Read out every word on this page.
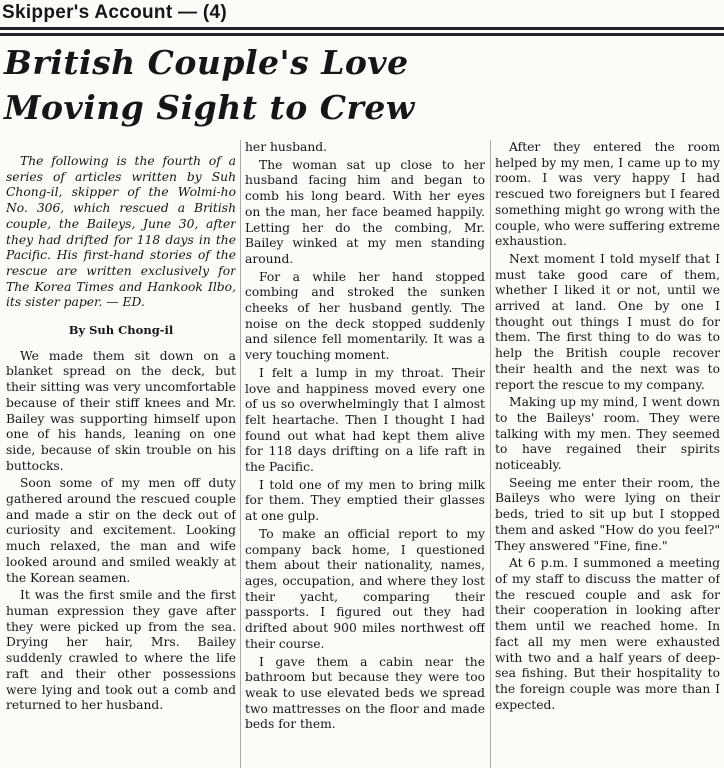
Skipper's Account — (4)
British Couple's Love Moving Sight to Crew

The following is the fourth of a series of articles written by Suh Chong-il, skipper of the Wolmi-ho No. 306, which rescued a British couple, the Baileys, June 30, after they had drifted for 118 days in the Pacific. His first-hand stories of the rescue are written exclusively for The Korea Times and Hankook Ilbo, its sister paper. — ED.

By Suh Chong-il

We made them sit down on a blanket spread on the deck, but their sitting was very uncomfortable because of their stiff knees and Mr. Bailey was supporting himself upon one of his hands, leaning on one side, because of skin trouble on his buttocks.

Soon some of my men off duty gathered around the rescued couple and made a stir on the deck out of curiosity and excitement. Looking much relaxed, the man and wife looked around and smiled weakly at the Korean seamen.

It was the first smile and the first human expression they gave after they were picked up from the sea. Drying her hair, Mrs. Bailey suddenly crawled to where the life raft and their other possessions were lying and took out a comb and returned to her husband.

her husband.

The woman sat up close to her husband facing him and began to comb his long beard. With her eyes on the man, her face beamed happily. Letting her do the combing, Mr. Bailey winked at my men standing around.

For a while her hand stopped combing and stroked the sunken cheeks of her husband gently. The noise on the deck stopped suddenly and silence fell momentarily. It was a very touching moment.

I felt a lump in my throat. Their love and happiness moved every one of us so overwhelmingly that I almost felt heartache. Then I thought I had found out what had kept them alive for 118 days drifting on a life raft in the Pacific.

I told one of my men to bring milk for them. They emptied their glasses at one gulp.

To make an official report to my company back home, I questioned them about their nationality, names, ages, occupation, and where they lost their yacht, comparing their passports. I figured out they had drifted about 900 miles northwest off their course.

I gave them a cabin near the bathroom but because they were too weak to use elevated beds we spread two mattresses on the floor and made beds for them.

After they entered the room helped by my men, I came up to my room. I was very happy I had rescued two foreigners but I feared something might go wrong with the couple, who were suffering extreme exhaustion.

Next moment I told myself that I must take good care of them, whether I liked it or not, until we arrived at land. One by one I thought out things I must do for them. The first thing to do was to help the British couple recover their health and the next was to report the rescue to my company.

Making up my mind, I went down to the Baileys' room. They were talking with my men. They seemed to have regained their spirits noticeably.

Seeing me enter their room, the Baileys who were lying on their beds, tried to sit up but I stopped them and asked "How do you feel?" They answered "Fine, fine."

At 6 p.m. I summoned a meeting of my staff to discuss the matter of the rescued couple and ask for their cooperation in looking after them until we reached home. In fact all my men were exhausted with two and a half years of deep-sea fishing. But their hospitality to the foreign couple was more than I expected.
